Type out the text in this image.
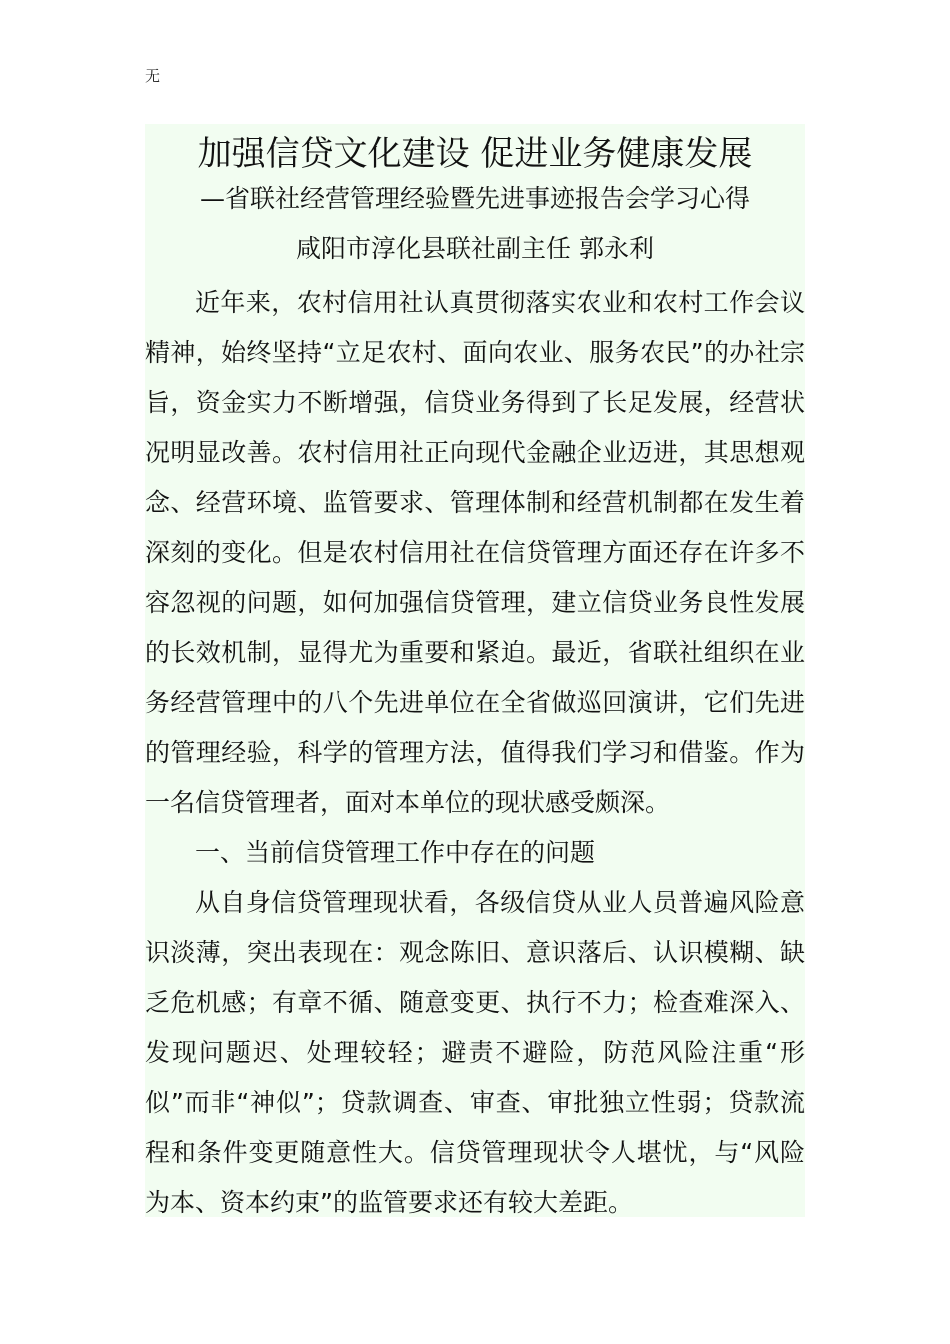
无
加强信贷文化建设 促进业务健康发展
—省联社经营管理经验暨先进事迹报告会学习心得
咸阳市淳化县联社副主任 郭永利

近年来，农村信用社认真贯彻落实农业和农村工作会议精神，始终坚持“立足农村、面向农业、服务农民”的办社宗旨，资金实力不断增强，信贷业务得到了长足发展，经营状况明显改善。农村信用社正向现代金融企业迈进，其思想观念、经营环境、监管要求、管理体制和经营机制都在发生着深刻的变化。但是农村信用社在信贷管理方面还存在许多不容忽视的问题，如何加强信贷管理，建立信贷业务良性发展的长效机制，显得尤为重要和紧迫。最近，省联社组织在业务经营管理中的八个先进单位在全省做巡回演讲，它们先进的管理经验，科学的管理方法，值得我们学习和借鉴。作为一名信贷管理者，面对本单位的现状感受颇深。

一、当前信贷管理工作中存在的问题

从自身信贷管理现状看，各级信贷从业人员普遍风险意识淡薄，突出表现在：观念陈旧、意识落后、认识模糊、缺乏危机感；有章不循、随意变更、执行不力；检查难深入、发现问题迟、处理较轻；避责不避险，防范风险注重“形似”而非“神似”；贷款调查、审查、审批独立性弱；贷款流程和条件变更随意性大。信贷管理现状令人堪忧，与“风险为本、资本约束”的监管要求还有较大差距。
